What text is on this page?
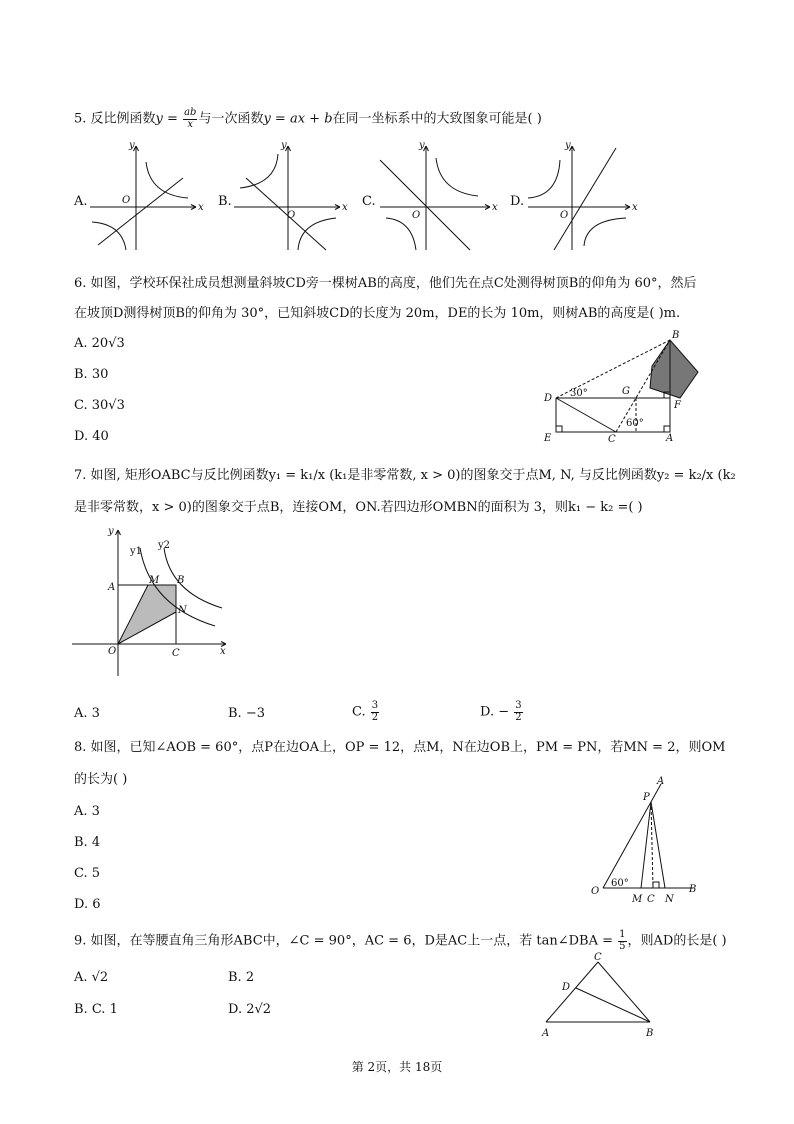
5. 反比例函数$y = \frac{ab}{x}$ 与一次函数y = ax + b在同一坐标系中的大致图象可能是( )
A.	B.	C.	D.
y
x
O
y
x
O
y
x
O
y
x
O
6. 如图，学校环保社成员想测量斜坡CD旁一棵树AB的高度，他们先在点C处测得树顶B的仰角为 60°，然后
在坡顶D测得树顶B的仰角为 30°，已知斜坡CD的长度为 20m，DE的长为 10m，则树AB的高度是( )m.
A. 20√3
B. 30
C. 30√3
D. 40
B
D
G
F
E	C	A
30°
60°
7. 如图, 矩形OABC与反比例函数y₁ = k₁/x (k₁是非零常数, x > 0)的图象交于点M, N, 与反比例函数y₂ = k₂/x (k₂
是非零常数，x > 0)的图象交于点B，连接OM，ON.若四边形OMBN的面积为 3，则k₁ − k₂ =( )
y
y1
y2
A
M B
N
O	C	x
A. 3	B. −3	C. $\frac{3}{2}$	D. − $\frac{3}{2}$
8. 如图，已知∠AOB = 60°，点P在边OA上，OP = 12，点M，N在边OB上，PM = PN，若MN = 2，则OM
的长为( )
A. 3
B. 4
C. 5
D. 6
A
P
O
60°
M C N
B
9. 如图，在等腰直角三角形ABC中，∠C = 90°，AC = 6，D是AC上一点，若 tan∠DBA = $\frac{1}{5}$ ，则AD的长是( )
A. √2	B. 2
B. C. 1	D. 2√2
C
D
A	B
第 2页，共 18页
